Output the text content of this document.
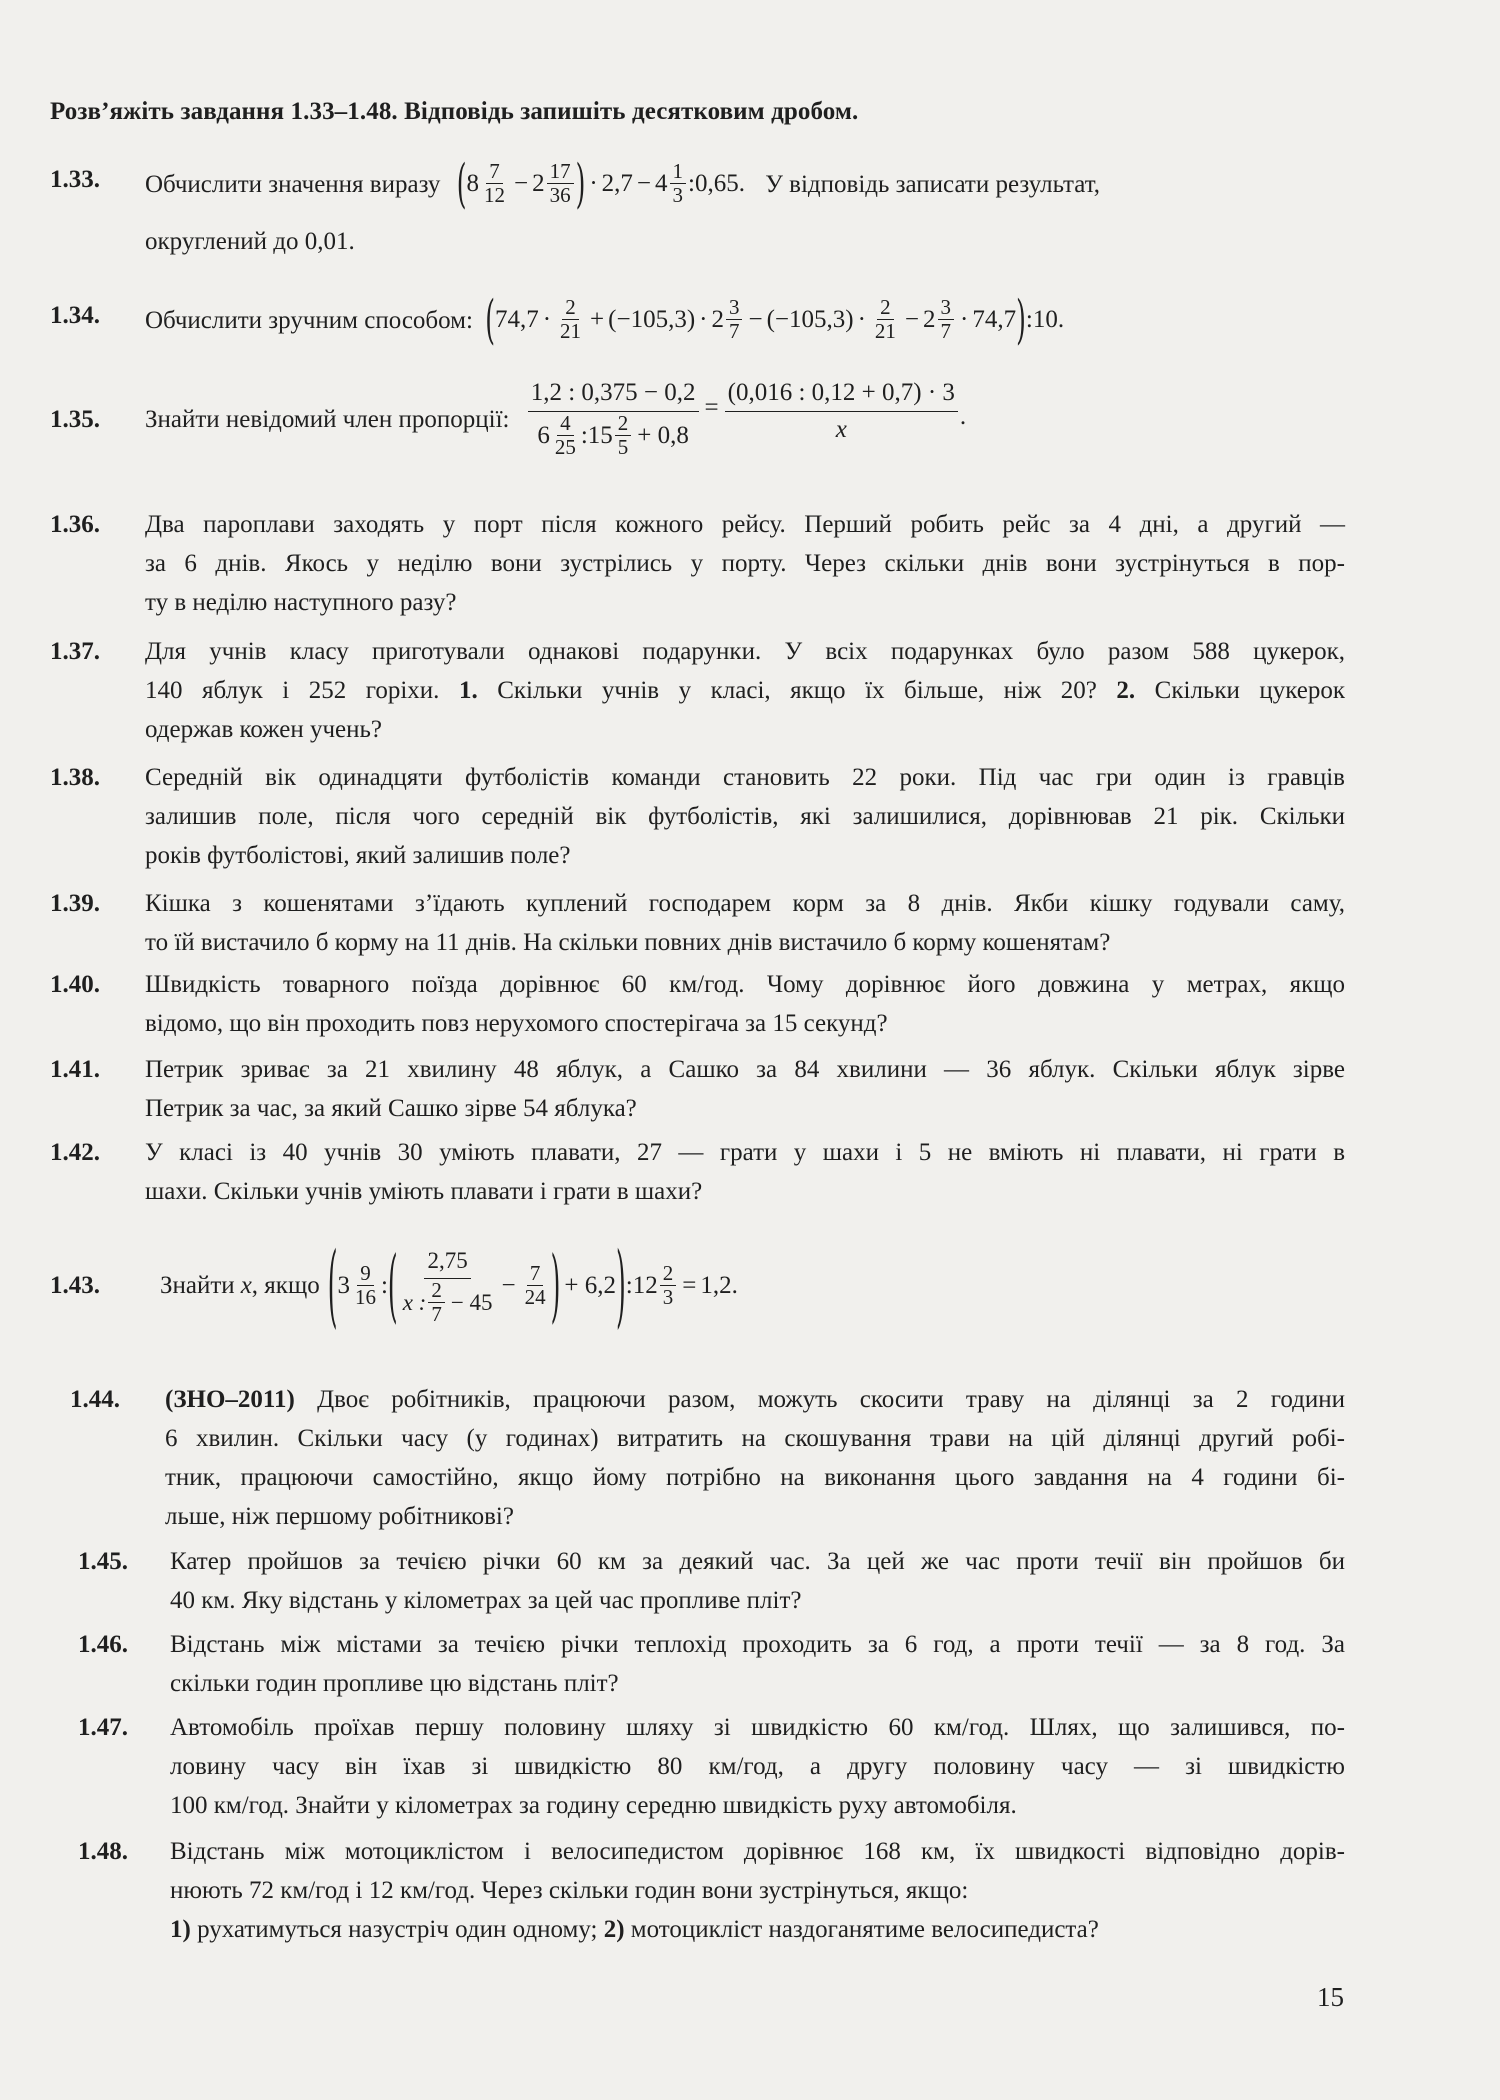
Розв’яжіть завдання 1.33–1.48. Відповідь запишіть десятковим дробом.
1.33. Обчислити значення виразу ( $8 \frac{7}{12} - 2 \frac{17}{36}$ ) · $2,7 - 4 \frac{1}{3}$ : 0,65 . У відповідь записати результат,
округлений до 0,01.
1.34. Обчислити зручним способом: ( $74,7 \cdot \frac{2}{21} + (-105,3) \cdot 2 \frac{3}{7} - (-105,3) \cdot \frac{2}{21} - 2 \frac{3}{7} \cdot 74,7$ ) : 10 .
1.35. Знайти невідомий член пропорції:
1,2 : 0,375 − 0,2
$6 \frac{4}{25}$ : $15 \frac{2}{5} + 0,8$
= $\frac{(0,016 : 0,12 + 0,7) \cdot 3}{x}$ .
1.36. Два пароплави заходять у порт після кожного рейсу. Перший робить рейс за 4 дні, а другий —
за 6 днів. Якось у неділю вони зустрілись у порту. Через скільки днів вони зустрінуться в пор-
ту в неділю наступного разу?
1.37. Для учнів класу приготували однакові подарунки. У всіх подарунках було разом 588 цукерок,
140 яблук і 252 горіхи. 1. Скільки учнів у класі, якщо їх більше, ніж 20? 2. Скільки цукерок
одержав кожен учень?
1.38. Середній вік одинадцяти футболістів команди становить 22 роки. Під час гри один із гравців
залишив поле, після чого середній вік футболістів, які залишилися, дорівнював 21 рік. Скільки
років футболістові, який залишив поле?
1.39. Кішка з кошенятами з’їдають куплений господарем корм за 8 днів. Якби кішку годували саму,
то їй вистачило б корму на 11 днів. На скільки повних днів вистачило б корму кошенятам?
1.40. Швидкість товарного поїзда дорівнює 60 км/год. Чому дорівнює його довжина у метрах, якщо
відомо, що він проходить повз нерухомого спостерігача за 15 секунд?
1.41. Петрик зриває за 21 хвилину 48 яблук, а Сашко за 84 хвилини — 36 яблук. Скільки яблук зірве
Петрик за час, за який Сашко зірве 54 яблука?
1.42. У класі із 40 учнів 30 уміють плавати, 27 — грати у шахи і 5 не вміють ні плавати, ні грати в
шахи. Скільки учнів уміють плавати і грати в шахи?
1.43. Знайти x , якщо ( $3 \frac{9}{16}$ : ( $\frac{2,75}{x : \frac{2}{7} - 45} - \frac{7}{24}$ ) + 6,2 ) : $12 \frac{2}{3} = 1,2$ .
1.44. (ЗНО–2011) Двоє робітників, працюючи разом, можуть скосити траву на ділянці за 2 години
6 хвилин. Скільки часу (у годинах) витратить на скошування трави на цій ділянці другий робі-
тник, працюючи самостійно, якщо йому потрібно на виконання цього завдання на 4 години бі-
льше, ніж першому робітникові?
1.45. Катер пройшов за течією річки 60 км за деякий час. За цей же час проти течії він пройшов би
40 км. Яку відстань у кілометрах за цей час пропливе пліт?
1.46. Відстань між містами за течією річки теплохід проходить за 6 год, а проти течії — за 8 год. За
скільки годин пропливе цю відстань пліт?
1.47. Автомобіль проїхав першу половину шляху зі швидкістю 60 км/год. Шлях, що залишився, по-
ловину часу він їхав зі швидкістю 80 км/год, а другу половину часу — зі швидкістю
100 км/год. Знайти у кілометрах за годину середню швидкість руху автомобіля.
1.48. Відстань між мотоциклістом і велосипедистом дорівнює 168 км, їх швидкості відповідно дорів-
нюють 72 км/год і 12 км/год. Через скільки годин вони зустрінуться, якщо:
1) рухатимуться назустріч один одному; 2) мотоцикліст наздоганятиме велосипедиста?
15
